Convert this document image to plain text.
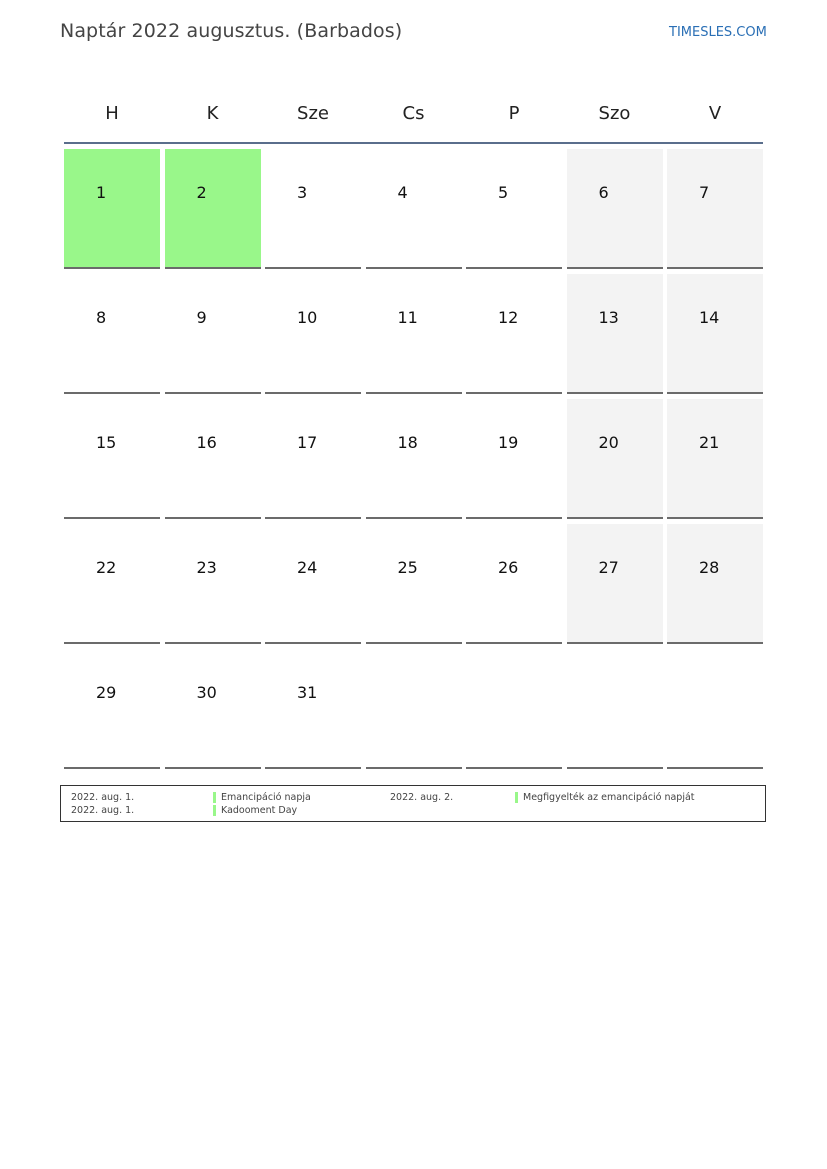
Naptár 2022 augusztus. (Barbados)	TIMESLES.COM
H	K	Sze	Cs	P	Szo	V
1	2	3	4	5	6	7
8	9	10	11	12	13	14
15	16	17	18	19	20	21
22	23	24	25	26	27	28
29	30	31
2022. aug. 1.	Emancipáció napja	2022. aug. 2.	Megfigyelték az emancipáció napját
2022. aug. 1.	Kadooment Day
